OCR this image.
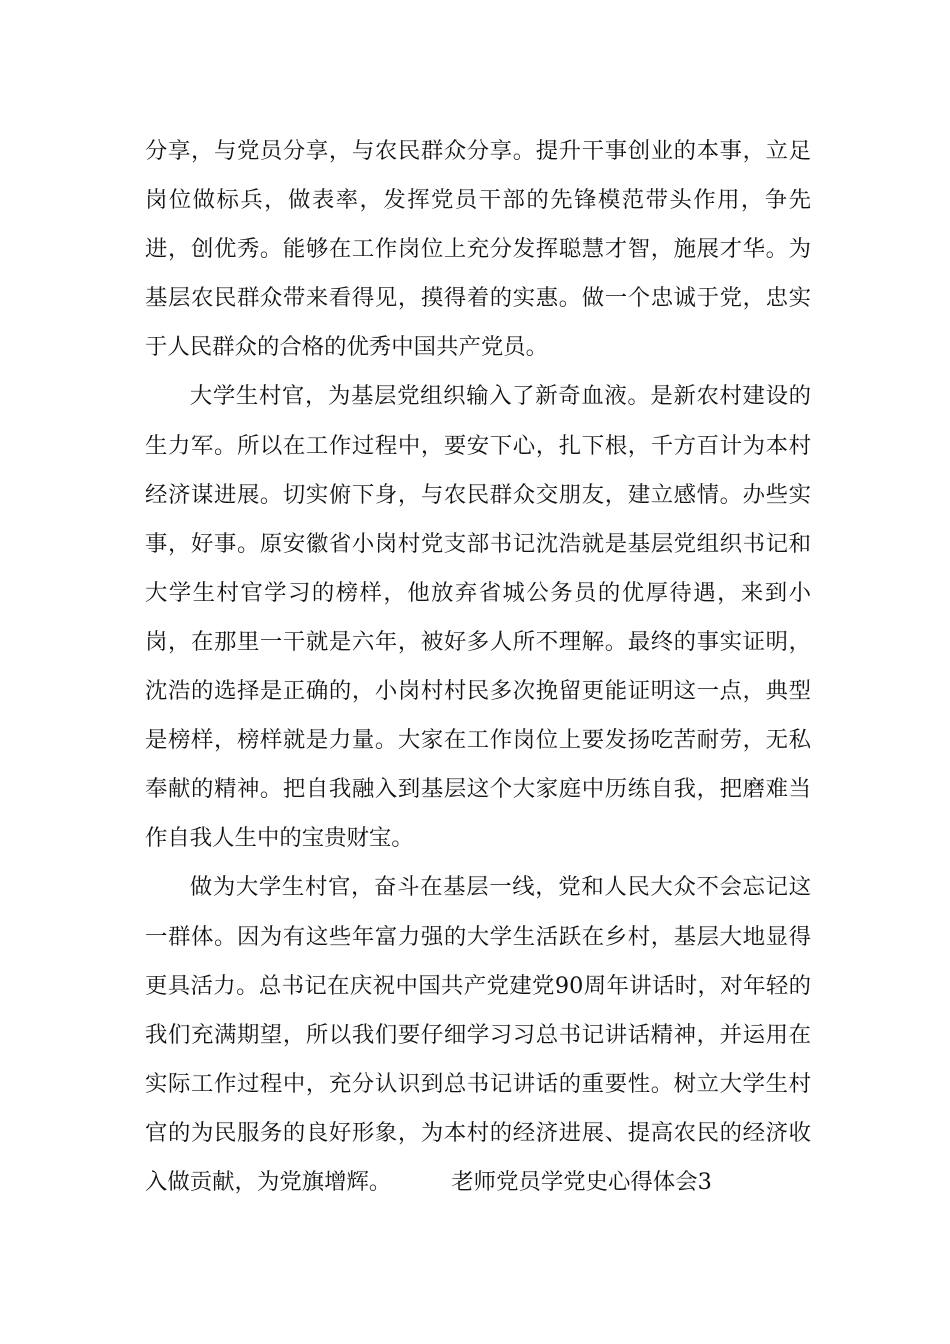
分享，与党员分享，与农民群众分享。提升干事创业的本事，立足岗位做标兵，做表率，发挥党员干部的先锋模范带头作用，争先进，创优秀。能够在工作岗位上充分发挥聪慧才智，施展才华。为基层农民群众带来看得见，摸得着的实惠。做一个忠诚于党，忠实于人民群众的合格的优秀中国共产党员。

大学生村官，为基层党组织输入了新奇血液。是新农村建设的生力军。所以在工作过程中，要安下心，扎下根，千方百计为本村经济谋进展。切实俯下身，与农民群众交朋友，建立感情。办些实事，好事。原安徽省小岗村党支部书记沈浩就是基层党组织书记和大学生村官学习的榜样，他放弃省城公务员的优厚待遇，来到小岗，在那里一干就是六年，被好多人所不理解。最终的事实证明，沈浩的选择是正确的，小岗村村民多次挽留更能证明这一点，典型是榜样，榜样就是力量。大家在工作岗位上要发扬吃苦耐劳，无私奉献的精神。把自我融入到基层这个大家庭中历练自我，把磨难当作自我人生中的宝贵财宝。

做为大学生村官，奋斗在基层一线，党和人民大众不会忘记这一群体。因为有这些年富力强的大学生活跃在乡村，基层大地显得更具活力。总书记在庆祝中国共产党建党90周年讲话时，对年轻的我们充满期望，所以我们要仔细学习习总书记讲话精神，并运用在实际工作过程中，充分认识到总书记讲话的重要性。树立大学生村官的为民服务的良好形象，为本村的经济进展、提高农民的经济收入做贡献，为党旗增辉。	老师党员学党史心得体会3
